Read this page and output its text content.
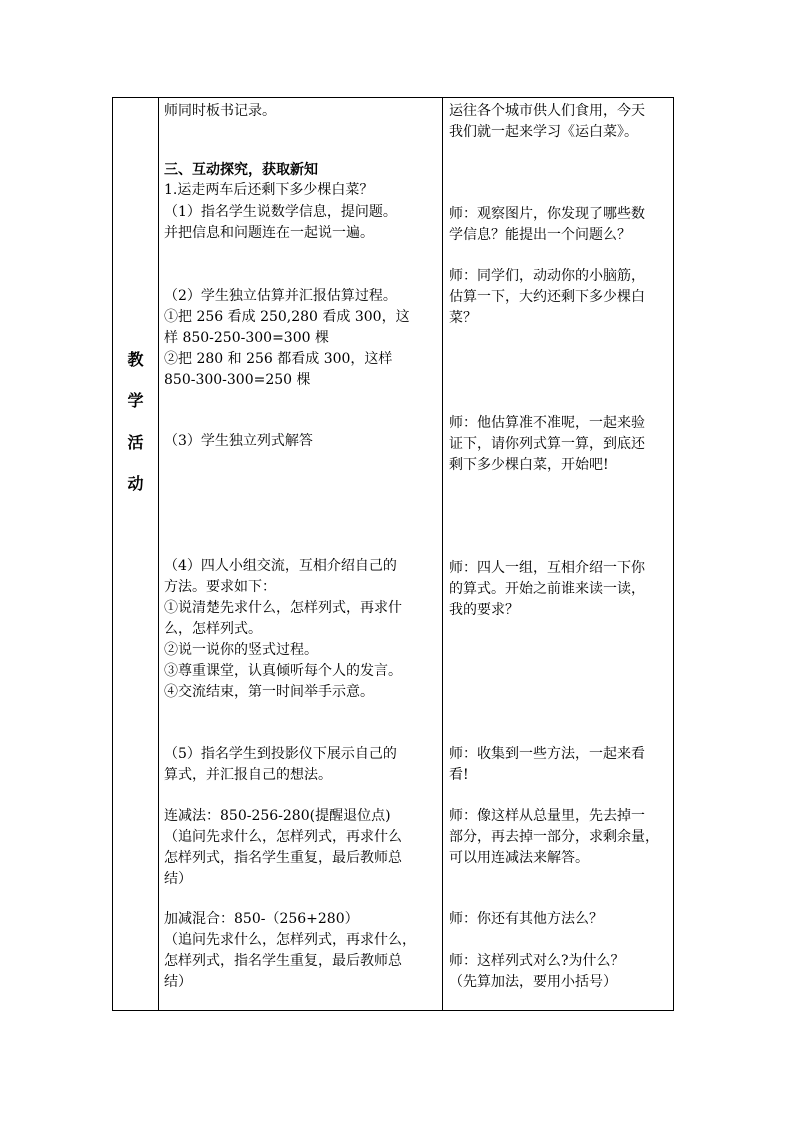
教
学
活
动
师同时板书记录。
三、互动探究，获取新知
1.运走两车后还剩下多少棵白菜？
（1）指名学生说数学信息，提问题。
并把信息和问题连在一起说一遍。
（2）学生独立估算并汇报估算过程。
①把 256 看成 250,280 看成 300，这
样 850-250-300=300 棵
②把 280 和 256 都看成 300，这样
850-300-300=250 棵
（3）学生独立列式解答
（4）四人小组交流，互相介绍自己的
方法。要求如下：
①说清楚先求什么，怎样列式，再求什
么，怎样列式。
②说一说你的竖式过程。
③尊重课堂，认真倾听每个人的发言。
④交流结束，第一时间举手示意。
（5）指名学生到投影仪下展示自己的
算式，并汇报自己的想法。
连减法：850-256-280(提醒退位点)
（追问先求什么，怎样列式，再求什么
怎样列式，指名学生重复，最后教师总
结）
加减混合：850-（256+280）
（追问先求什么，怎样列式，再求什么，
怎样列式，指名学生重复，最后教师总
结）
运往各个城市供人们食用，今天
我们就一起来学习《运白菜》。
师：观察图片，你发现了哪些数
学信息？能提出一个问题么？
师：同学们，动动你的小脑筋，
估算一下，大约还剩下多少棵白
菜？
师：他估算准不准呢，一起来验
证下，请你列式算一算，到底还
剩下多少棵白菜，开始吧!
师：四人一组，互相介绍一下你
的算式。开始之前谁来读一读，
我的要求？
师：收集到一些方法，一起来看
看!
师：像这样从总量里，先去掉一
部分，再去掉一部分，求剩余量，
可以用连减法来解答。
师：你还有其他方法么？
师：这样列式对么?为什么？
（先算加法，要用小括号）
